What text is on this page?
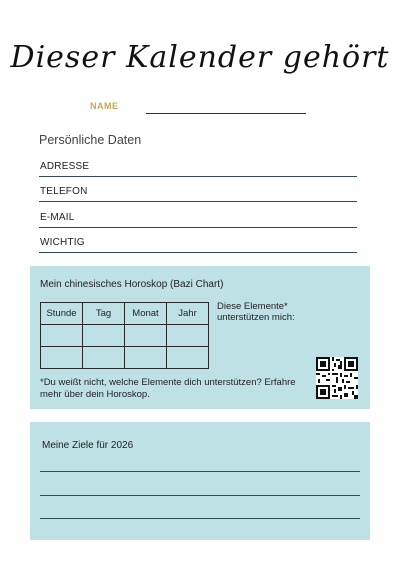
Dieser Kalender gehört
NAME
Persönliche Daten
ADRESSE
TELEFON
E-MAIL
WICHTIG
Mein chinesisches Horoskop (Bazi Chart)
Stunde	Tag	Monat	Jahr

Diese Elemente* unterstützen mich:
*Du weißt nicht, welche Elemente dich unterstützen? Erfahre mehr über dein Horoskop.
Meine Ziele für 2026
